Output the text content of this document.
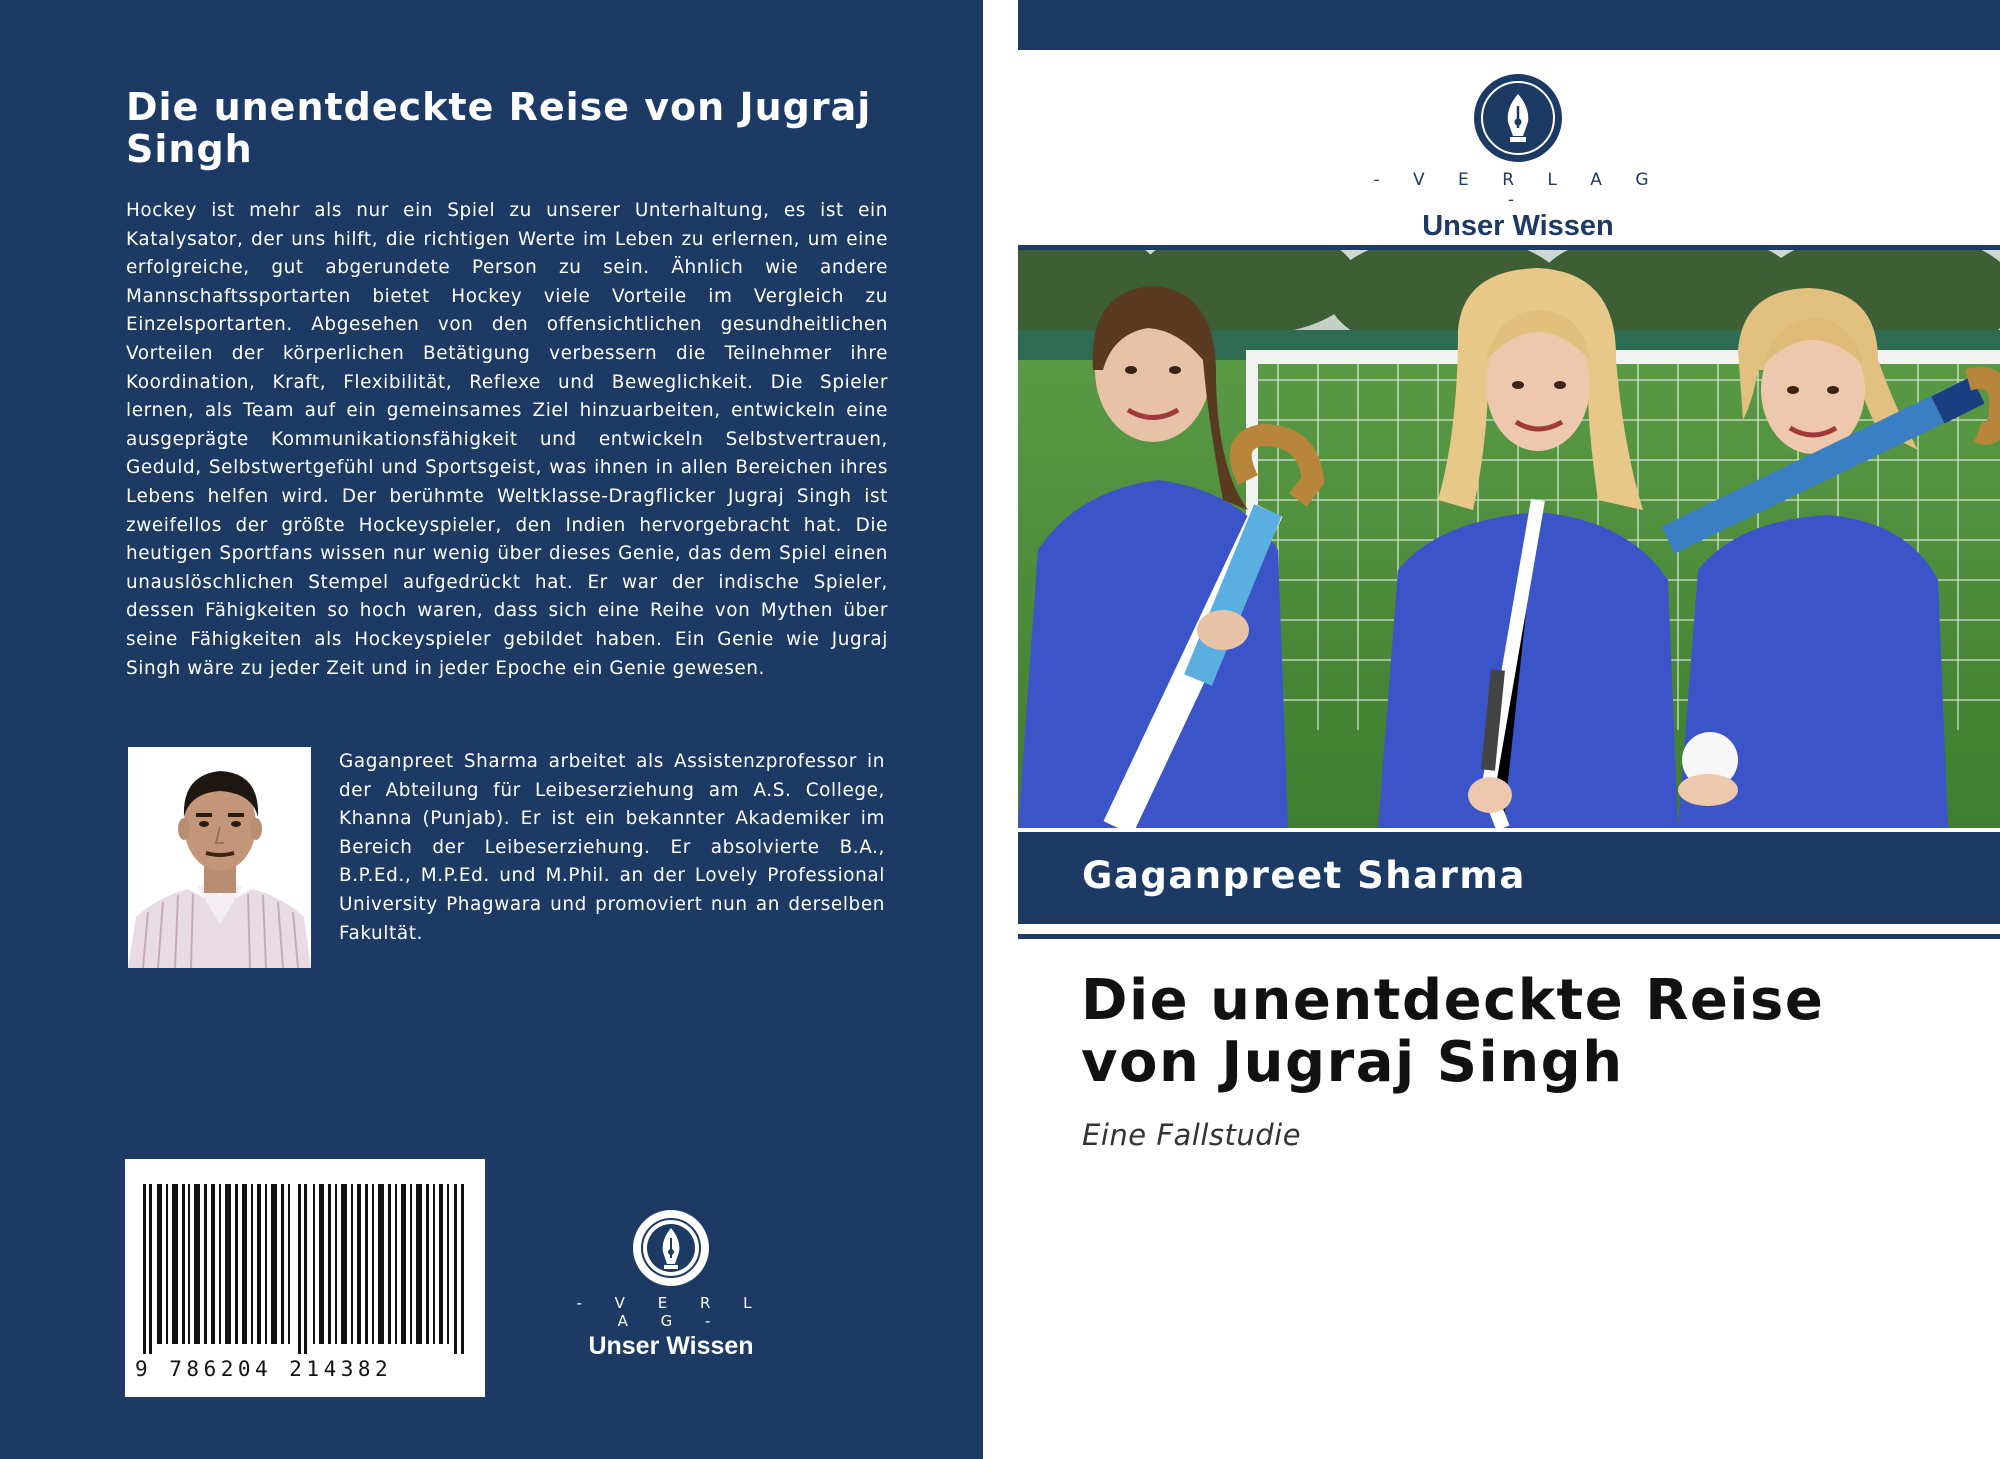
Die unentdeckte Reise von Jugraj Singh
Hockey ist mehr als nur ein Spiel zu unserer Unterhaltung, es ist ein Katalysator, der uns hilft, die richtigen Werte im Leben zu erlernen, um eine erfolgreiche, gut abgerundete Person zu sein. Ähnlich wie andere Mannschaftssportarten bietet Hockey viele Vorteile im Vergleich zu Einzelsportarten. Abgesehen von den offensichtlichen gesundheitlichen Vorteilen der körperlichen Betätigung verbessern die Teilnehmer ihre Koordination, Kraft, Flexibilität, Reflexe und Beweglichkeit. Die Spieler lernen, als Team auf ein gemeinsames Ziel hinzuarbeiten, entwickeln eine ausgeprägte Kommunikationsfähigkeit und entwickeln Selbstvertrauen, Geduld, Selbstwertgefühl und Sportsgeist, was ihnen in allen Bereichen ihres Lebens helfen wird. Der berühmte Weltklasse-Dragflicker Jugraj Singh ist zweifellos der größte Hockeyspieler, den Indien hervorgebracht hat. Die heutigen Sportfans wissen nur wenig über dieses Genie, das dem Spiel einen unauslöschlichen Stempel aufgedrückt hat. Er war der indische Spieler, dessen Fähigkeiten so hoch waren, dass sich eine Reihe von Mythen über seine Fähigkeiten als Hockeyspieler gebildet haben. Ein Genie wie Jugraj Singh wäre zu jeder Zeit und in jeder Epoche ein Genie gewesen.
Gaganpreet Sharma arbeitet als Assistenzprofessor in der Abteilung für Leibeserziehung am A.S. College, Khanna (Punjab). Er ist ein bekannter Akademiker im Bereich der Leibeserziehung. Er absolvierte B.A., B.P.Ed., M.P.Ed. und M.Phil. an der Lovely Professional University Phagwara und promoviert nun an derselben Fakultät.
9 786204 214382
- V E R L A G -
Unser Wissen
- V E R L A G -
Unser Wissen
Gaganpreet Sharma
Die unentdeckte Reise von Jugraj Singh
Eine Fallstudie
